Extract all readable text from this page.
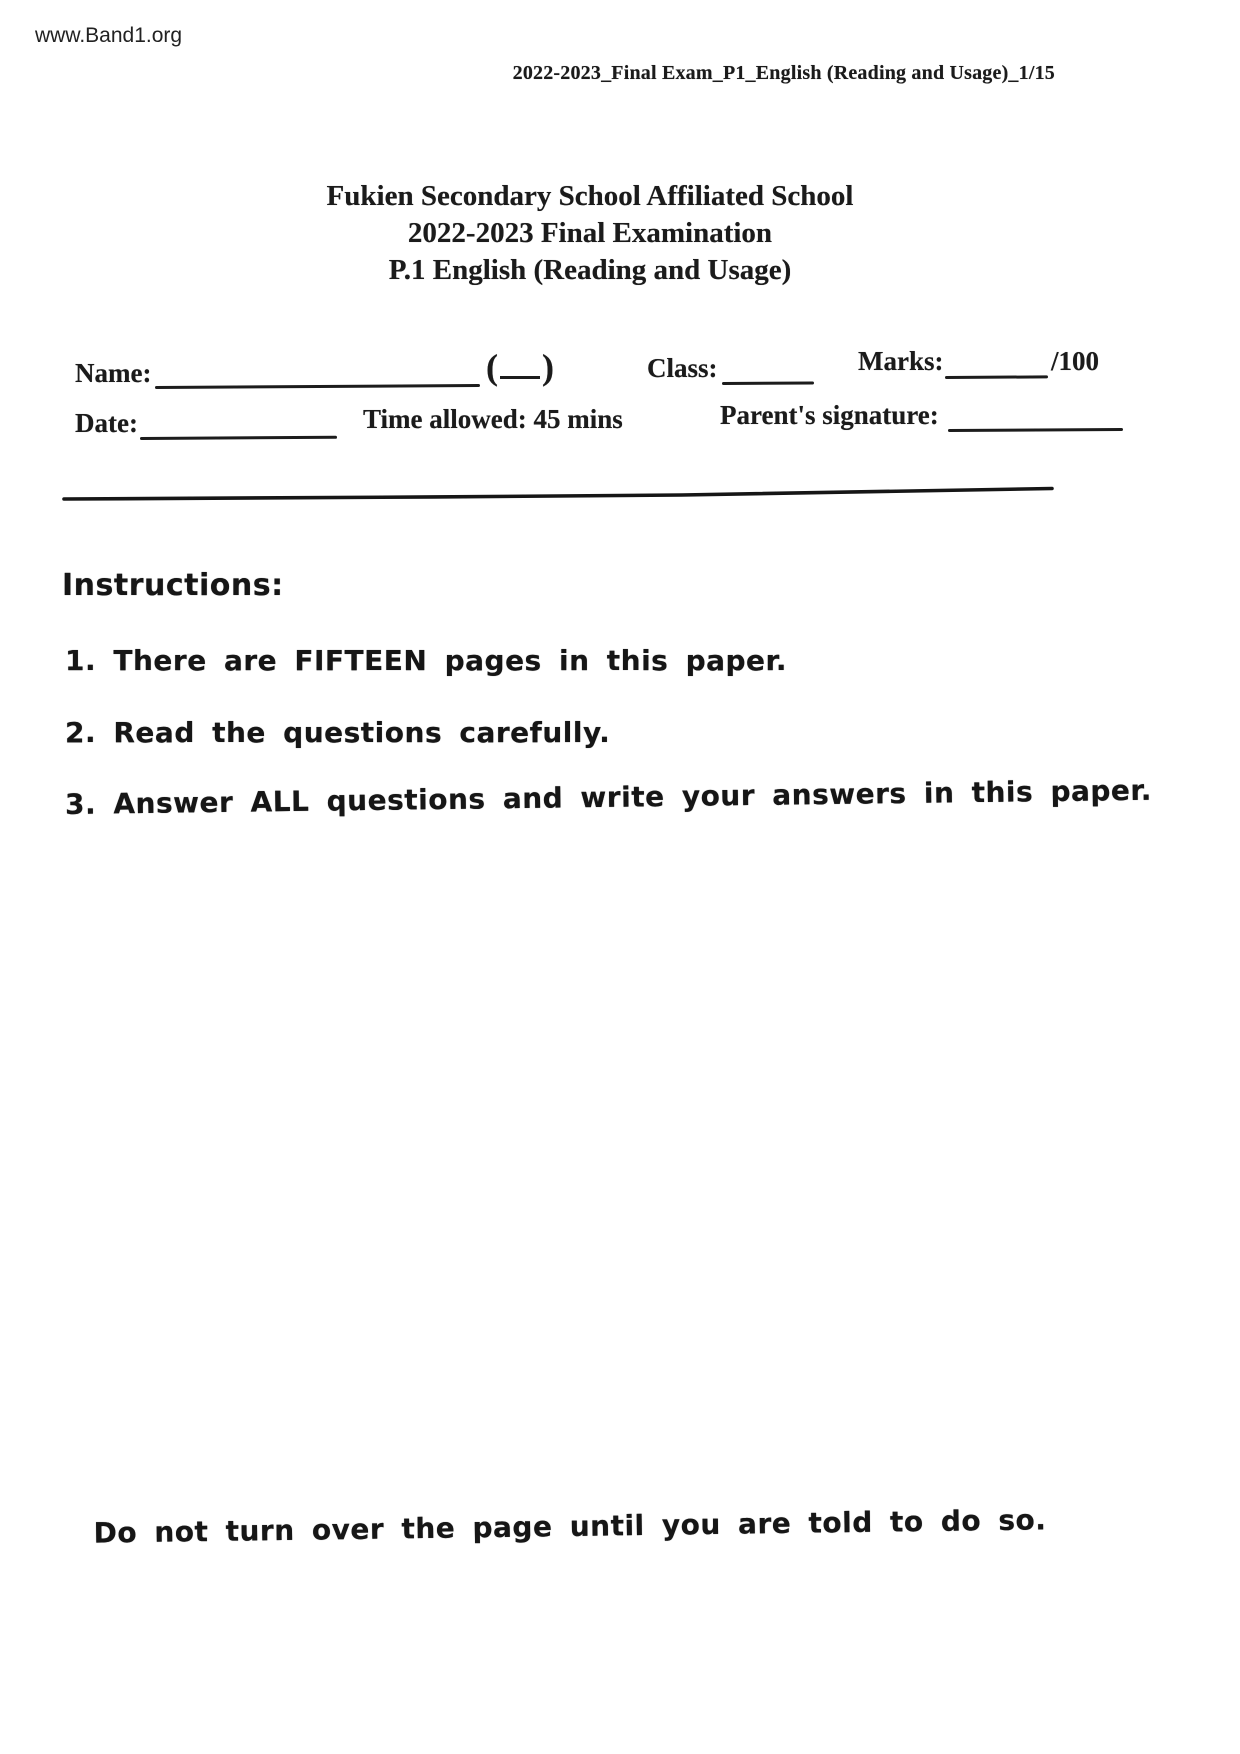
www.Band1.org
2022-2023_Final Exam_P1_English (Reading and Usage)_1/15
Fukien Secondary School Affiliated School
2022-2023 Final Examination
P.1 English (Reading and Usage)
Name:	( )	Class:	Marks:	/100
Date:	Time allowed: 45 mins	Parent's signature:
Instructions:
1. There are FIFTEEN pages in this paper.
2. Read the questions carefully.
3. Answer ALL questions and write your answers in this paper.
Do not turn over the page until you are told to do so.
